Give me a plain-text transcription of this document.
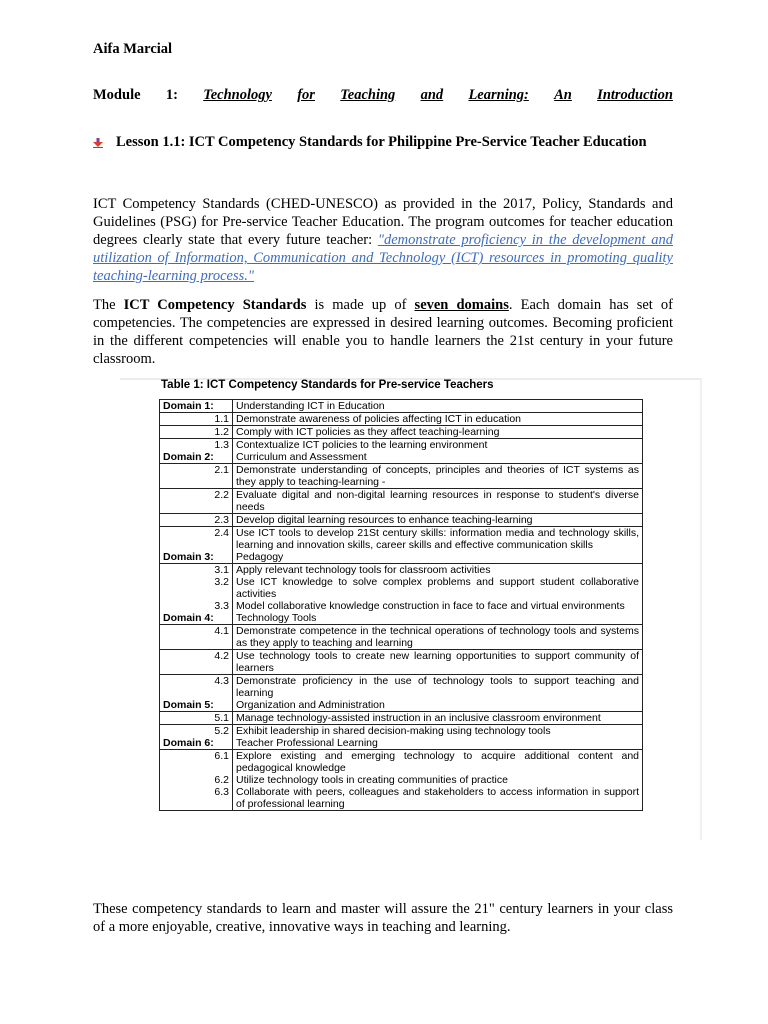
Aifa Marcial
Module 1: Technology for Teaching and Learning: An Introduction
Lesson 1.1: ICT Competency Standards for Philippine Pre-Service Teacher Education
ICT Competency Standards (CHED-UNESCO) as provided in the 2017, Policy, Standards and Guidelines (PSG) for Pre-service Teacher Education. The program outcomes for teacher education degrees clearly state that every future teacher: "demonstrate proficiency in the development and utilization of Information, Communication and Technology (ICT) resources in promoting quality teaching-learning process."
The ICT Competency Standards is made up of seven domains. Each domain has set of competencies. The competencies are expressed in desired learning outcomes. Becoming proficient in the different competencies will enable you to handle learners the 21st century in your future classroom.
These competency standards to learn and master will assure the 21" century learners in your class of a more enjoyable, creative, innovative ways in teaching and learning.
Table 1: ICT Competency Standards for Pre-service Teachers
Domain 1:	Understanding ICT in Education
1.1	Demonstrate awareness of policies affecting ICT in education
1.2	Comply with ICT policies as they affect teaching-learning
1.3	Contextualize ICT policies to the learning environment
Domain 2:	Curriculum and Assessment
2.1	Demonstrate understanding of concepts, principles and theories of ICT systems as they apply to teaching-learning -
2.2	Evaluate digital and non-digital learning resources in response to student's diverse needs
2.3	Develop digital learning resources to enhance teaching-learning
2.4	Use ICT tools to develop 21St century skills: information media and technology skills, learning and innovation skills, career skills and effective communication skills
Domain 3:	Pedagogy
3.1	Apply relevant technology tools for classroom activities
3.2	Use ICT knowledge to solve complex problems and support student collaborative activities
3.3	Model collaborative knowledge construction in face to face and virtual environments
Domain 4:	Technology Tools
4.1	Demonstrate competence in the technical operations of technology tools and systems as they apply to teaching and learning
4.2	Use technology tools to create new learning opportunities to support community of learners
4.3	Demonstrate proficiency in the use of technology tools to support teaching and learning
Domain 5:	Organization and Administration
5.1	Manage technology-assisted instruction in an inclusive classroom environment
5.2	Exhibit leadership in shared decision-making using technology tools
Domain 6:	Teacher Professional Learning
6.1	Explore existing and emerging technology to acquire additional content and pedagogical knowledge
6.2	Utilize technology tools in creating communities of practice
6.3	Collaborate with peers, colleagues and stakeholders to access information in support of professional learning
